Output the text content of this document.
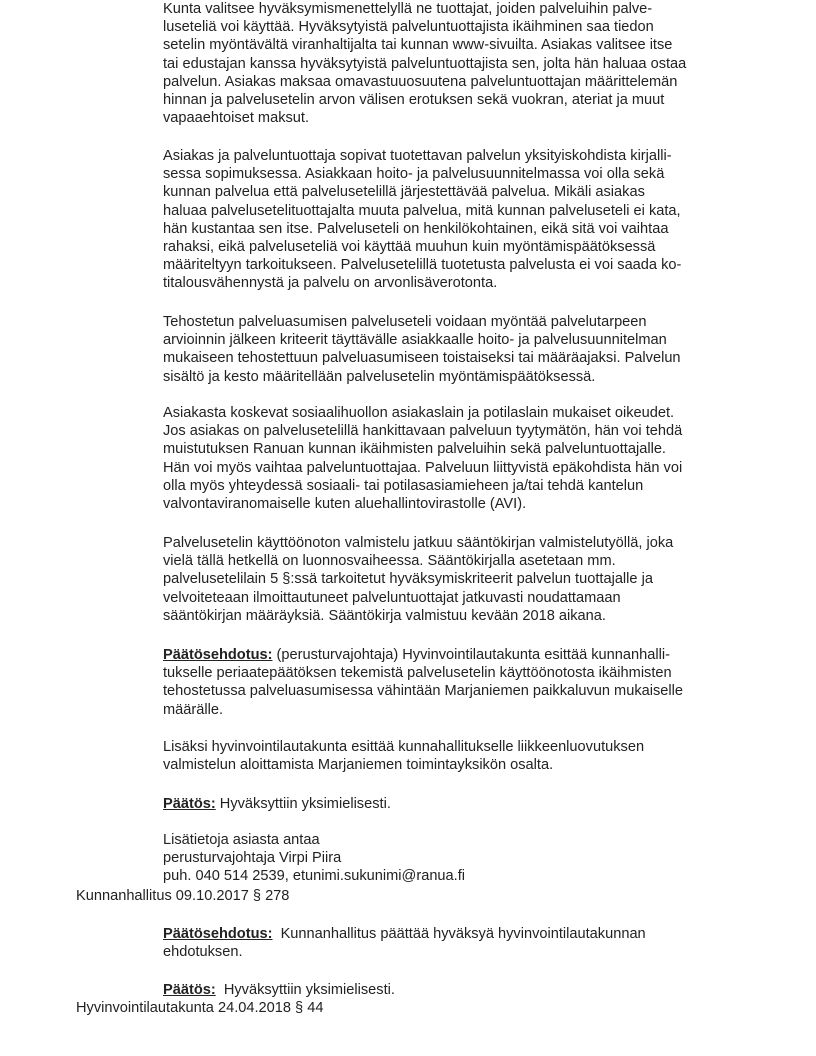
Kunta valitsee hyväksymismenettelyllä ne tuottajat, joiden palveluihin palve-
luseteliä voi käyttää. Hyväksytyistä palveluntuottajista ikäihminen saa tiedon
setelin myöntävältä viranhaltijalta tai kunnan www-sivuilta. Asiakas valitsee itse
tai edustajan kanssa hyväksytyistä palveluntuottajista sen, jolta hän haluaa ostaa
palvelun. Asiakas maksaa omavastuuosuutena palveluntuottajan määrittelemän
hinnan ja palvelusetelin arvon välisen erotuksen sekä vuokran, ateriat ja muut
vapaaehtoiset maksut.
Asiakas ja palveluntuottaja sopivat tuotettavan palvelun yksityiskohdista kirjalli-
sessa sopimuksessa. Asiakkaan hoito- ja palvelusuunnitelmassa voi olla sekä
kunnan palvelua että palvelusetelillä järjestettävää palvelua. Mikäli asiakas
haluaa palvelusetelituottajalta muuta palvelua, mitä kunnan palveluseteli ei kata,
hän kustantaa sen itse. Palveluseteli on henkilökohtainen, eikä sitä voi vaihtaa
rahaksi, eikä palveluseteliä voi käyttää muuhun kuin myöntämispäätöksessä
määriteltyyn tarkoitukseen. Palvelusetelillä tuotetusta palvelusta ei voi saada ko-
titalousvähennystä ja palvelu on arvonlisäverotonta.
Tehostetun palveluasumisen palveluseteli voidaan myöntää palvelutarpeen
arvioinnin jälkeen kriteerit täyttävälle asiakkaalle hoito- ja palvelusuunnitelman
mukaiseen tehostettuun palveluasumiseen toistaiseksi tai määräajaksi. Palvelun
sisältö ja kesto määritellään palvelusetelin myöntämispäätöksessä.
Asiakasta koskevat sosiaalihuollon asiakaslain ja potilaslain mukaiset oikeudet.
Jos asiakas on palvelusetelillä hankittavaan palveluun tyytymätön, hän voi tehdä
muistutuksen Ranuan kunnan ikäihmisten palveluihin sekä palveluntuottajalle.
Hän voi myös vaihtaa palveluntuottajaa. Palveluun liittyvistä epäkohdista hän voi
olla myös yhteydessä sosiaali- tai potilasasiamieheen ja/tai tehdä kantelun
valvontaviranomaiselle kuten aluehallintovirastolle (AVI).
Palvelusetelin käyttöönoton valmistelu jatkuu sääntökirjan valmistelutyöllä, joka
vielä tällä hetkellä on luonnosvaiheessa. Sääntökirjalla asetetaan mm.
palvelusetelilain 5 §:ssä tarkoitetut hyväksymiskriteerit palvelun tuottajalle ja
velvoiteteaan ilmoittautuneet palveluntuottajat jatkuvasti noudattamaan
sääntökirjan määräyksiä. Sääntökirja valmistuu kevään 2018 aikana.
Päätösehdotus: (perusturvajohtaja) Hyvinvointilautakunta esittää kunnanhalli-
tukselle periaatepäätöksen tekemistä palvelusetelin käyttöönotosta ikäihmisten
tehostetussa palveluasumisessa vähintään Marjaniemen paikkaluvun mukaiselle
määrälle.
Lisäksi hyvinvointilautakunta esittää kunnahallitukselle liikkeenluovutuksen
valmistelun aloittamista Marjaniemen toimintayksikön osalta.
Päätös: Hyväksyttiin yksimielisesti.
Lisätietoja asiasta antaa
perusturvajohtaja Virpi Piira
puh. 040 514 2539, etunimi.sukunimi@ranua.fi
Kunnanhallitus 09.10.2017 § 278
Päätösehdotus:  Kunnanhallitus päättää hyväksyä hyvinvointilautakunnan
ehdotuksen.
Päätös:  Hyväksyttiin yksimielisesti.
Hyvinvointilautakunta 24.04.2018 § 44
